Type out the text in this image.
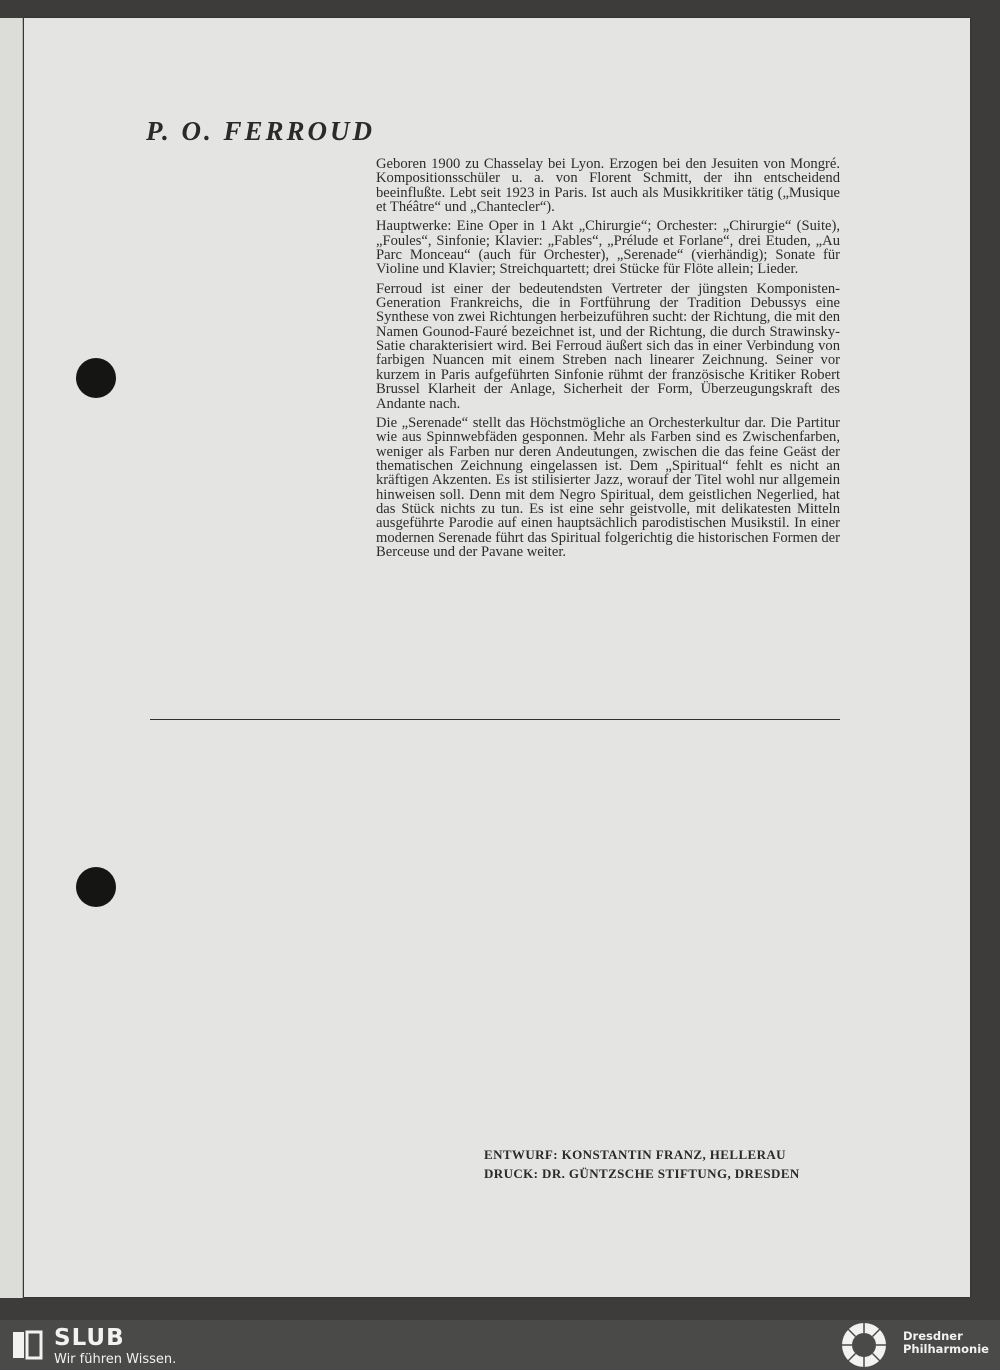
P. O. FERROUD

Geboren 1900 zu Chasselay bei Lyon. Erzogen bei den Jesuiten von Mongré. Kompositionsschüler u. a. von Florent Schmitt, der ihn entscheidend beeinflußte. Lebt seit 1923 in Paris. Ist auch als Musikkritiker tätig („Musique et Théâtre“ und „Chantecler“).

Hauptwerke: Eine Oper in 1 Akt „Chirurgie“; Orchester: „Chirurgie“ (Suite), „Foules“, Sinfonie; Klavier: „Fables“, „Prélude et Forlane“, drei Etuden, „Au Parc Monceau“ (auch für Orchester), „Serenade“ (vierhändig); Sonate für Violine und Klavier; Streichquartett; drei Stücke für Flöte allein; Lieder.

Ferroud ist einer der bedeutendsten Vertreter der jüngsten Komponisten-Generation Frankreichs, die in Fortführung der Tradition Debussys eine Synthese von zwei Richtungen herbeizuführen sucht: der Richtung, die mit den Namen Gounod-Fauré bezeichnet ist, und der Richtung, die durch Strawinsky-Satie charakterisiert wird. Bei Ferroud äußert sich das in einer Verbindung von farbigen Nuancen mit einem Streben nach linearer Zeichnung. Seiner vor kurzem in Paris aufgeführten Sinfonie rühmt der französische Kritiker Robert Brussel Klarheit der Anlage, Sicherheit der Form, Überzeugungskraft des Andante nach.

Die „Serenade“ stellt das Höchstmögliche an Orchesterkultur dar. Die Partitur wie aus Spinnwebfäden gesponnen. Mehr als Farben sind es Zwischenfarben, weniger als Farben nur deren Andeutungen, zwischen die das feine Geäst der thematischen Zeichnung eingelassen ist. Dem „Spiritual“ fehlt es nicht an kräftigen Akzenten. Es ist stilisierter Jazz, worauf der Titel wohl nur allgemein hinweisen soll. Denn mit dem Negro Spiritual, dem geistlichen Negerlied, hat das Stück nichts zu tun. Es ist eine sehr geistvolle, mit delikatesten Mitteln ausgeführte Parodie auf einen hauptsächlich parodistischen Musikstil. In einer modernen Serenade führt das Spiritual folgerichtig die historischen Formen der Berceuse und der Pavane weiter.

ENTWURF: KONSTANTIN FRANZ, HELLERAU
DRUCK: DR. GÜNTZSCHE STIFTUNG, DRESDEN
SLUB
Wir führen Wissen.
Dresdner
Philharmonie
